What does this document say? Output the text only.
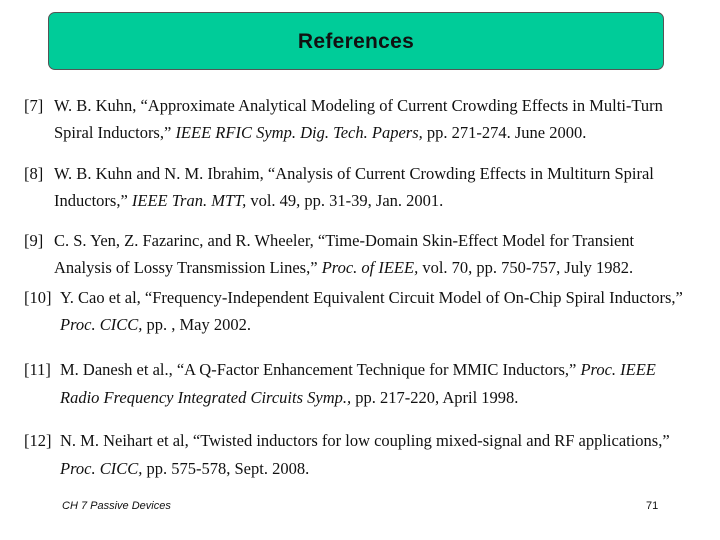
References
[7] W. B. Kuhn, “Approximate Analytical Modeling of Current Crowding Effects in Multi-Turn
Spiral Inductors,” IEEE RFIC Symp. Dig. Tech. Papers, pp. 271-274. June 2000.
[8] W. B. Kuhn and N. M. Ibrahim, “Analysis of Current Crowding Effects in Multiturn Spiral
Inductors,” IEEE Tran. MTT, vol. 49, pp. 31-39, Jan. 2001.
[9] C. S. Yen, Z. Fazarinc, and R. Wheeler, “Time-Domain Skin-Effect Model for Transient
Analysis of Lossy Transmission Lines,” Proc. of IEEE, vol. 70, pp. 750-757, July 1982.
[10] Y. Cao et al, “Frequency-Independent Equivalent Circuit Model of On-Chip Spiral Inductors,”
Proc. CICC, pp. , May 2002.
[11] M. Danesh et al., “A Q-Factor Enhancement Technique for MMIC Inductors,” Proc. IEEE
Radio Frequency Integrated Circuits Symp., pp. 217-220, April 1998.
[12] N. M. Neihart et al, “Twisted inductors for low coupling mixed-signal and RF applications,”
Proc. CICC, pp. 575-578, Sept. 2008.
CH 7 Passive Devices	71
